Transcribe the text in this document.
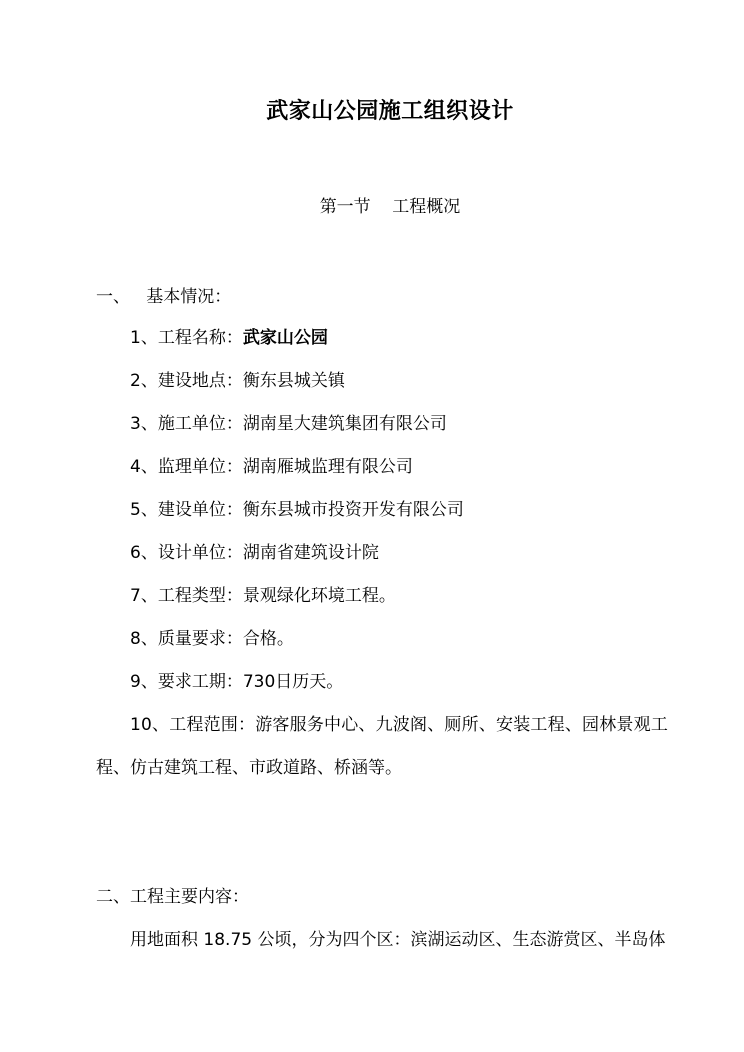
武家山公园施工组织设计
第一节    工程概况
一、   基本情况：
1、工程名称：武家山公园
2、建设地点：衡东县城关镇
3、施工单位：湖南星大建筑集团有限公司
4、监理单位：湖南雁城监理有限公司
5、建设单位：衡东县城市投资开发有限公司
6、设计单位：湖南省建筑设计院
7、工程类型：景观绿化环境工程。
8、质量要求：合格。
9、要求工期：730日历天。
10、工程范围：游客服务中心、九波阁、厕所、安装工程、园林景观工
程、仿古建筑工程、市政道路、桥涵等。
二、工程主要内容：
用地面积 18.75 公顷，分为四个区：滨湖运动区、生态游赏区、半岛体
